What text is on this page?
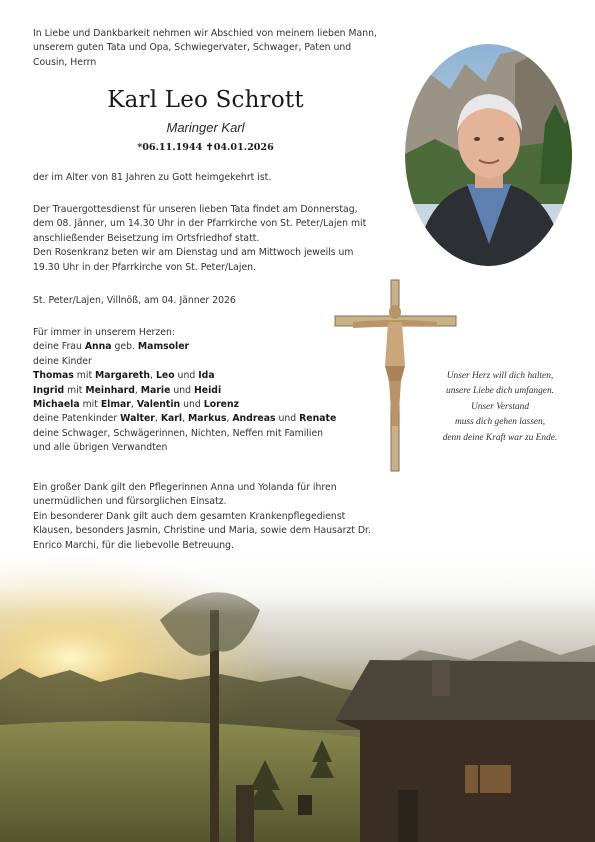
In Liebe und Dankbarkeit nehmen wir Abschied von meinem lieben Mann, unserem guten Tata und Opa, Schwiegervater, Schwager, Paten und Cousin, Herrn
Karl Leo Schrott
Maringer Karl
*06.11.1944 ✝04.01.2026
der im Alter von 81 Jahren zu Gott heimgekehrt ist.

Der Trauergottesdienst für unseren lieben Tata findet am Donnerstag, dem 08. Jänner, um 14.30 Uhr in der Pfarrkirche von St. Peter/Lajen mit anschließender Beisetzung im Ortsfriedhof statt.

Den Rosenkranz beten wir am Dienstag und am Mittwoch jeweils um 19.30 Uhr in der Pfarrkirche von St. Peter/Lajen.

St. Peter/Lajen, Villnöß, am 04. Jänner 2026
Für immer in unserem Herzen:
deine Frau Anna geb. Mamsoler
deine Kinder
Thomas mit Margareth, Leo und Ida
Ingrid mit Meinhard, Marie und Heidi
Michaela mit Elmar, Valentin und Lorenz
deine Patenkinder Walter, Karl, Markus, Andreas und Renate
deine Schwager, Schwägerinnen, Nichten, Neffen mit Familien
und alle übrigen Verwandten

Ein großer Dank gilt den Pflegerinnen Anna und Yolanda für ihren unermüdlichen und fürsorglichen Einsatz.

Ein besonderer Dank gilt auch dem gesamten Krankenpflegedienst Klausen, besonders Jasmin, Christine und Maria, sowie dem Hausarzt Dr. Enrico Marchi, für die liebevolle Betreuung.

Unser Herz will dich halten,
unsere Liebe dich umfangen.
Unser Verstand
muss dich gehen lassen,
denn deine Kraft war zu Ende.
